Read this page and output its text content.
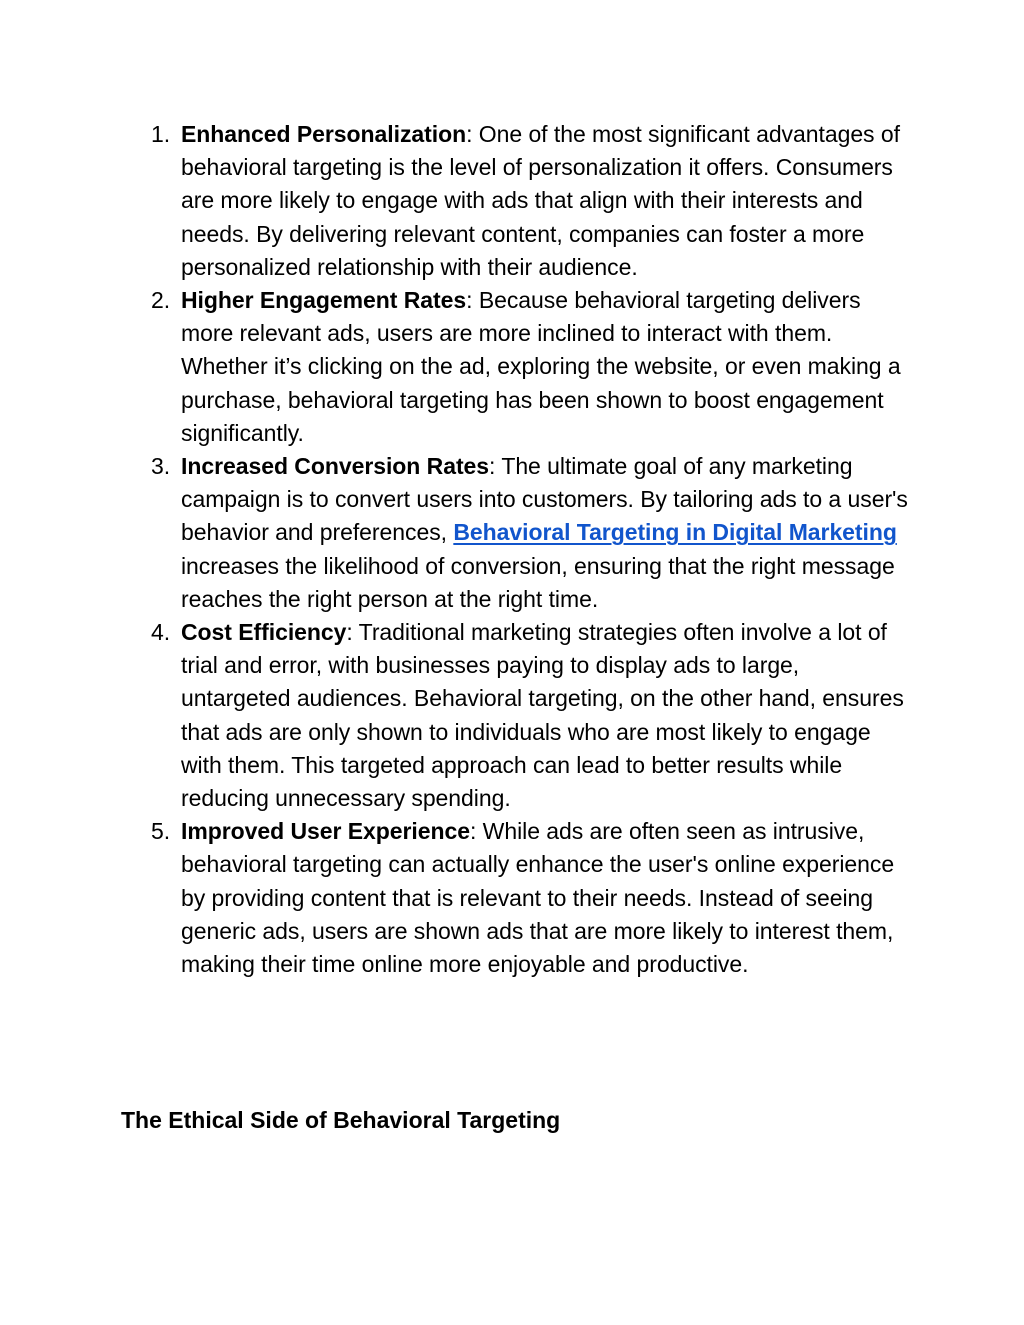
1. Enhanced Personalization: One of the most significant advantages of behavioral targeting is the level of personalization it offers. Consumers are more likely to engage with ads that align with their interests and needs. By delivering relevant content, companies can foster a more personalized relationship with their audience.
2. Higher Engagement Rates: Because behavioral targeting delivers more relevant ads, users are more inclined to interact with them. Whether it’s clicking on the ad, exploring the website, or even making a purchase, behavioral targeting has been shown to boost engagement significantly.
3. Increased Conversion Rates: The ultimate goal of any marketing campaign is to convert users into customers. By tailoring ads to a user's behavior and preferences, Behavioral Targeting in Digital Marketing increases the likelihood of conversion, ensuring that the right message reaches the right person at the right time.
4. Cost Efficiency: Traditional marketing strategies often involve a lot of trial and error, with businesses paying to display ads to large, untargeted audiences. Behavioral targeting, on the other hand, ensures that ads are only shown to individuals who are most likely to engage with them. This targeted approach can lead to better results while reducing unnecessary spending.
5. Improved User Experience: While ads are often seen as intrusive, behavioral targeting can actually enhance the user's online experience by providing content that is relevant to their needs. Instead of seeing generic ads, users are shown ads that are more likely to interest them, making their time online more enjoyable and productive.
The Ethical Side of Behavioral Targeting
